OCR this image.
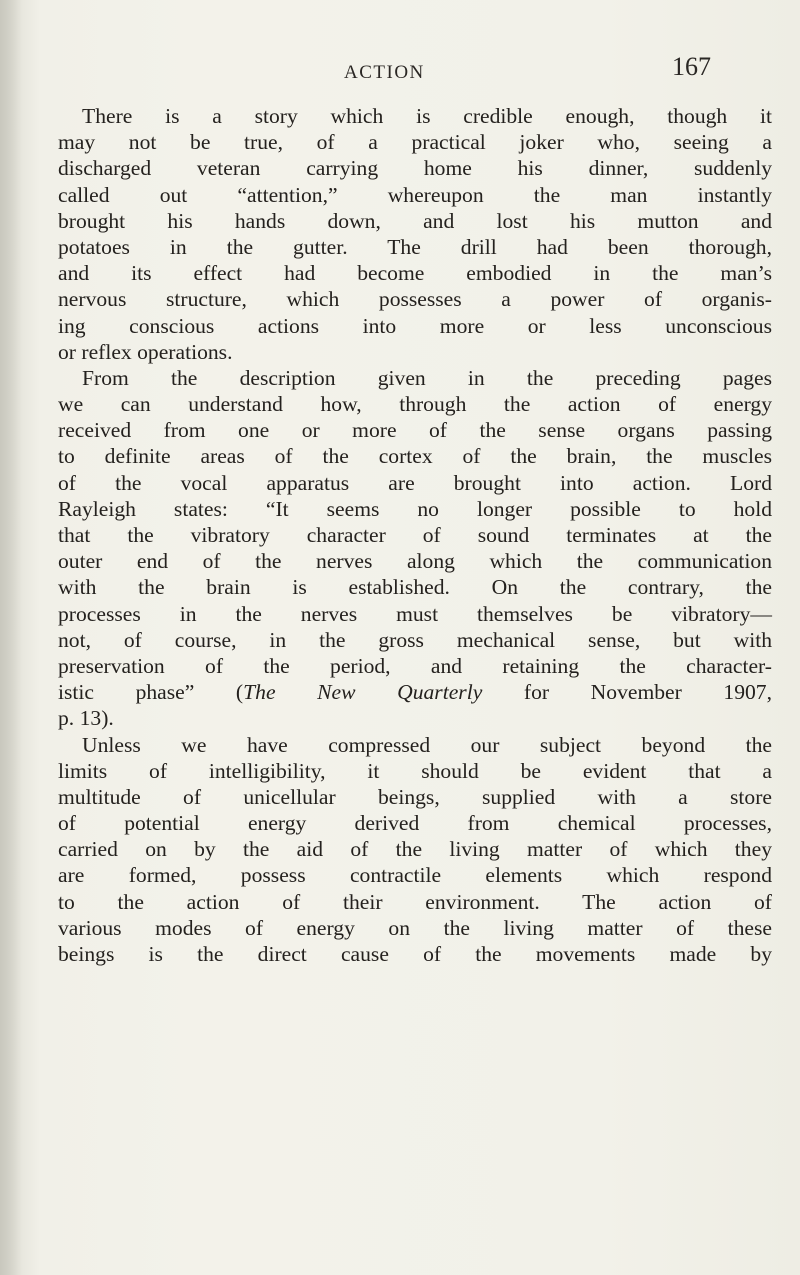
ACTION	167
There is a story which is credible enough, though it
may not be true, of a practical joker who, seeing a
discharged veteran carrying home his dinner, suddenly
called out “attention,” whereupon the man instantly
brought his hands down, and lost his mutton and
potatoes in the gutter. The drill had been thorough,
and its effect had become embodied in the man’s
nervous structure, which possesses a power of organis-
ing conscious actions into more or less unconscious
or reflex operations.
From the description given in the preceding pages
we can understand how, through the action of energy
received from one or more of the sense organs passing
to definite areas of the cortex of the brain, the muscles
of the vocal apparatus are brought into action. Lord
Rayleigh states: “It seems no longer possible to hold
that the vibratory character of sound terminates at the
outer end of the nerves along which the communication
with the brain is established. On the contrary, the
processes in the nerves must themselves be vibratory—
not, of course, in the gross mechanical sense, but with
preservation of the period, and retaining the character-
istic phase” (The New Quarterly for November 1907,
p. 13).
Unless we have compressed our subject beyond the
limits of intelligibility, it should be evident that a
multitude of unicellular beings, supplied with a store
of potential energy derived from chemical processes,
carried on by the aid of the living matter of which they
are formed, possess contractile elements which respond
to the action of their environment. The action of
various modes of energy on the living matter of these
beings is the direct cause of the movements made by
